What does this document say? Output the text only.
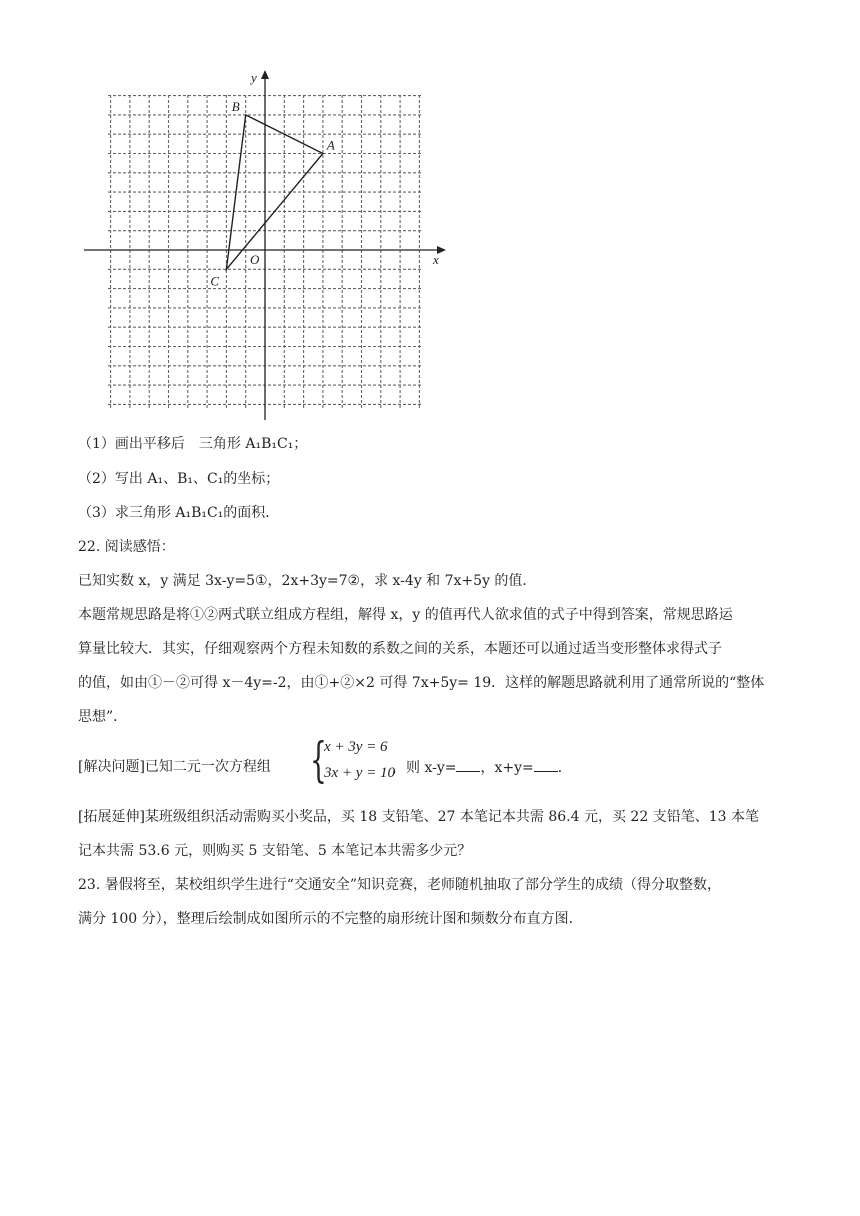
A
B
C
x
y
O
（1）画出平移后　三角形 A₁B₁C₁；
（2）写出 A₁、B₁、C₁的坐标；
（3）求三角形 A₁B₁C₁的面积．
22. 阅读感悟：
已知实数 x，y 满足 3x-y=5①，2x+3y=7②，求 x-4y 和 7x+5y 的值．
本题常规思路是将①②两式联立组成方程组，解得 x，y 的值再代人欲求值的式子中得到答案，常规思路运
算量比较大．其实，仔细观察两个方程未知数的系数之间的关系，本题还可以通过适当变形整体求得式子
的值，如由①－②可得 x－4y=-2，由①+②×2 可得 7x+5y= 19．这样的解题思路就利用了通常所说的“整体
思想”．
[解决问题]已知二元一次方程组 {
x + 3y = 6
3x + y = 10
，则 x-y= ，x+y= ．
[拓展延伸]某班级组织活动需购买小奖品，买 18 支铅笔、27 本笔记本共需 86.4 元，买 22 支铅笔、13 本笔
记本共需 53.6 元，则购买 5 支铅笔、5 本笔记本共需多少元？
23. 暑假将至，某校组织学生进行“交通安全”知识竞赛，老师随机抽取了部分学生的成绩（得分取整数，
满分 100 分），整理后绘制成如图所示的不完整的扇形统计图和频数分布直方图．
